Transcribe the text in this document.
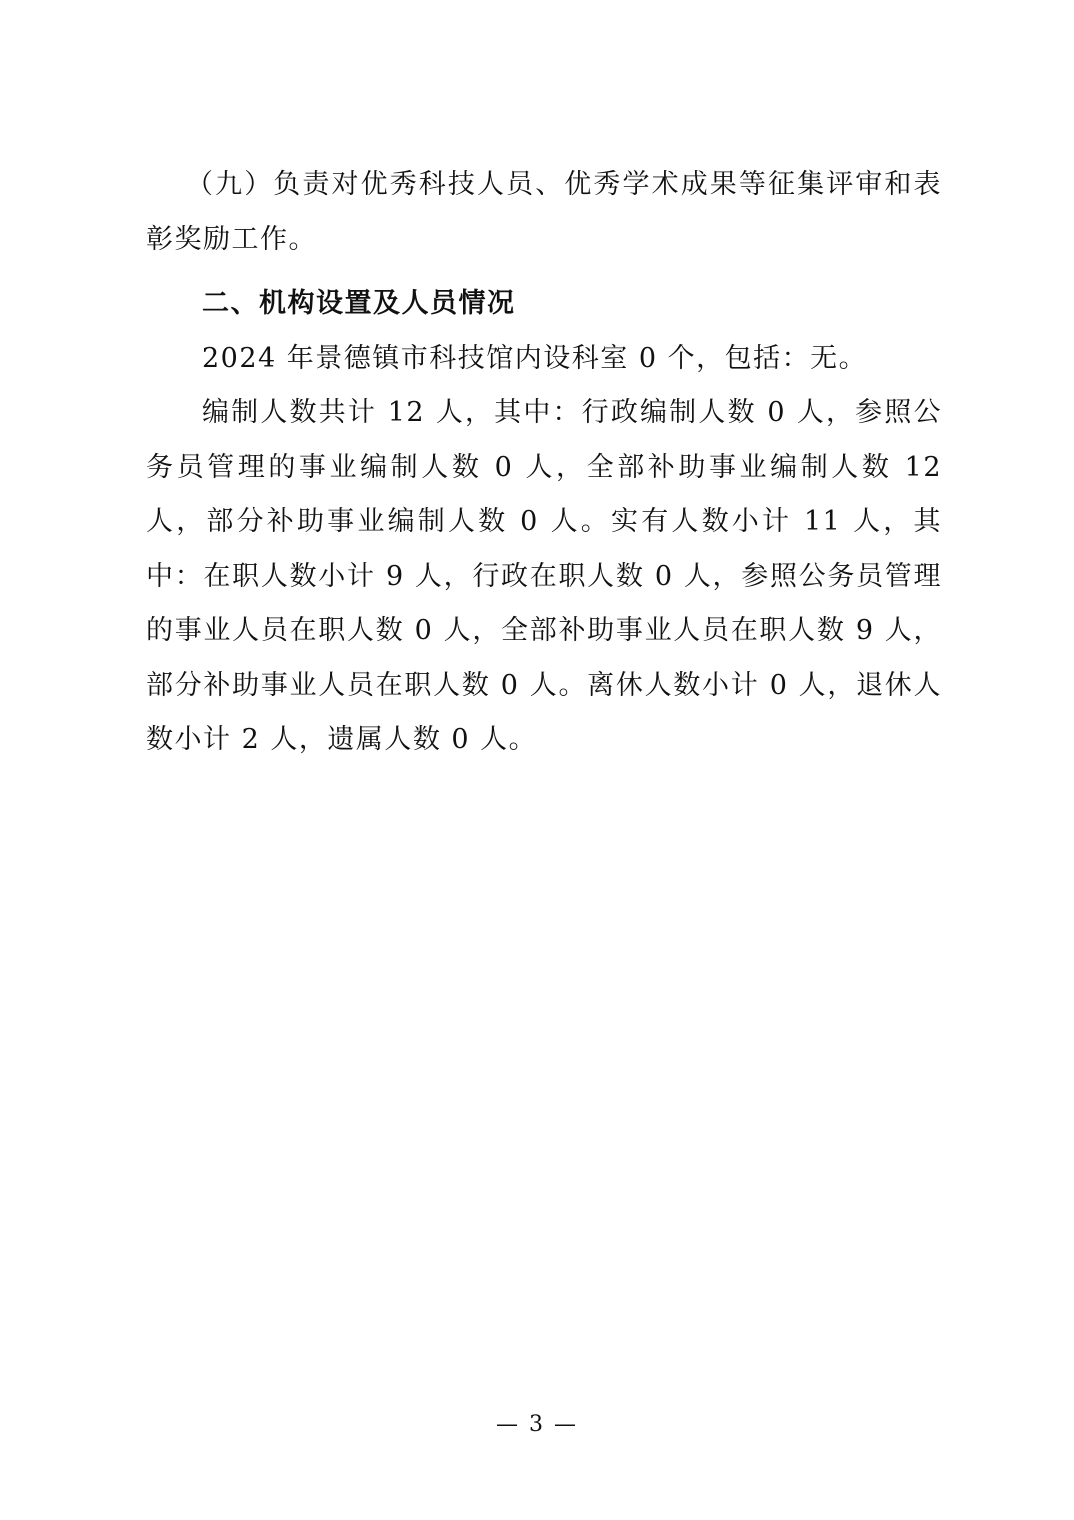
（九）负责对优秀科技人员、优秀学术成果等征集评审和表彰奖励工作。

二、机构设置及人员情况

2024 年景德镇市科技馆内设科室 0 个，包括：无。

编制人数共计 12 人，其中：行政编制人数 0 人，参照公务员管理的事业编制人数 0 人，全部补助事业编制人数 12 人，部分补助事业编制人数 0 人。实有人数小计 11 人，其中：在职人数小计 9 人，行政在职人数 0 人，参照公务员管理的事业人员在职人数 0 人，全部补助事业人员在职人数 9 人，部分补助事业人员在职人数 0 人。离休人数小计 0 人，退休人数小计 2 人，遗属人数 0 人。

— 3 —
